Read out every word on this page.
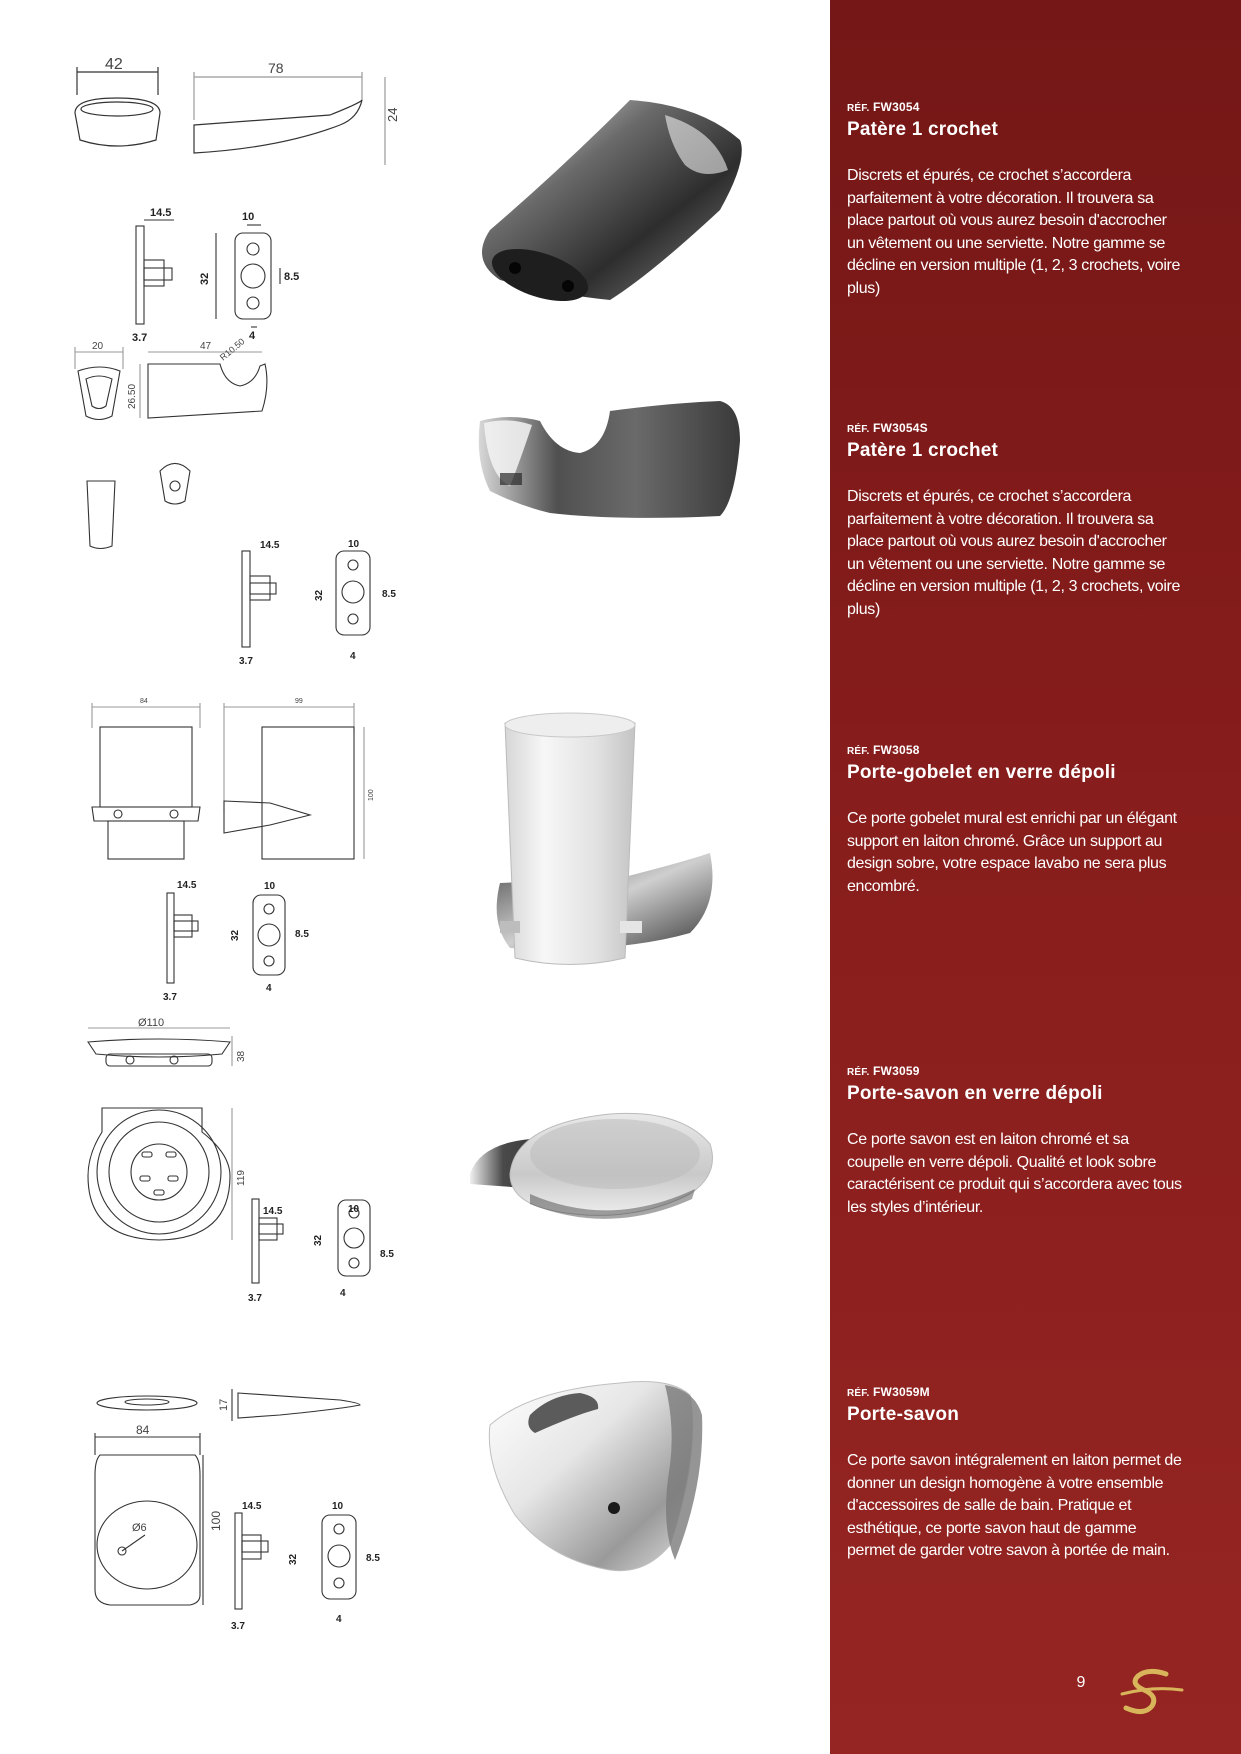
42	78
24
14.5	10
32	8.5
3.7	4

RÉF. FW3054

Patère 1 crochet

Discrets et épurés, ce crochet s’accordera parfaitement à votre décoration. Il trouvera sa place partout où vous aurez besoin d'accrocher un vêtement ou une serviette. Notre gamme se décline en version multiple (1, 2, 3 crochets, voire plus)

20	47 R10.50
26.50
14.5	10
32	8.5
3.7	4

RÉF. FW3054S

Patère 1 crochet

Discrets et épurés, ce crochet s’accordera parfaitement à votre décoration. Il trouvera sa place partout où vous aurez besoin d'accrocher un vêtement ou une serviette. Notre gamme se décline en version multiple (1, 2, 3 crochets, voire plus)

84	99
100
14.5	10
32	8.5
3.7
4

RÉF. FW3058

Porte-gobelet en verre dépoli

Ce porte gobelet mural est enrichi par un élégant support en laiton chromé. Grâce un support au design sobre, votre espace lavabo ne sera plus encombré.

Ø110
38
119
14.5	10
32
8.5
3.7	4

RÉF. FW3059

Porte-savon en verre dépoli

Ce porte savon est en laiton chromé et sa coupelle en verre dépoli. Qualité et look sobre caractérisent ce produit qui s’accordera avec tous les styles d’intérieur.

84
100
17
Ø6
14.5	10
32	8.5
3.7
4

RÉF. FW3059M

Porte-savon

Ce porte savon intégralement en laiton permet de donner un design homogène à votre ensemble d'accessoires de salle de bain. Pratique et esthétique, ce porte savon haut de gamme permet de garder votre savon à portée de main.

9
